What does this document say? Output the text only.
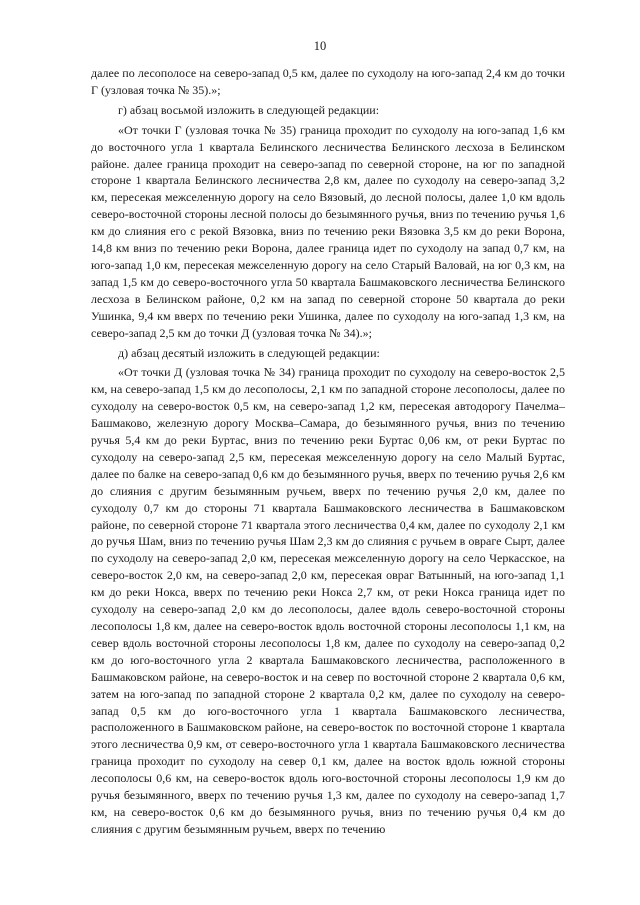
10

далее по лесополосе на северо-запад 0,5 км, далее по суходолу на юго-запад 2,4 км до точки Г (узловая точка № 35).»;

г) абзац восьмой изложить в следующей редакции:

«От точки Г (узловая точка № 35) граница проходит по суходолу на юго-запад 1,6 км до восточного угла 1 квартала Белинского лесничества Белинского лесхоза в Белинском районе. далее граница проходит на северо-запад по северной стороне, на юг по западной стороне 1 квартала Белинского лесничества 2,8 км, далее по суходолу на северо-запад 3,2 км, пересекая межселенную дорогу на село Вязовый, до лесной полосы, далее 1,0 км вдоль северо-восточной стороны лесной полосы до безымянного ручья, вниз по течению ручья 1,6 км до слияния его с рекой Вязовка, вниз по течению реки Вязовка 3,5 км до реки Ворона, 14,8 км вниз по течению реки Ворона, далее граница идет по суходолу на запад 0,7 км, на юго-запад 1,0 км, пересекая межселенную дорогу на село Старый Валовай, на юг 0,3 км, на запад 1,5 км до северо-восточного угла 50 квартала Башмаковского лесничества Белинского лесхоза в Белинском районе, 0,2 км на запад по северной стороне 50 квартала до реки Ушинка, 9,4 км вверх по течению реки Ушинка, далее по суходолу на юго-запад 1,3 км, на северо-запад 2,5 км до точки Д (узловая точка № 34).»;

д) абзац десятый изложить в следующей редакции:

«От точки Д (узловая точка № 34) граница проходит по суходолу на северо-восток 2,5 км, на северо-запад 1,5 км до лесополосы, 2,1 км по западной стороне лесополосы, далее по суходолу на северо-восток 0,5 км, на северо-запад 1,2 км, пересекая автодорогу Пачелма–Башмаково, железную дорогу Москва–Самара, до безымянного ручья, вниз по течению ручья 5,4 км до реки Буртас, вниз по течению реки Буртас 0,06 км, от реки Буртас по суходолу на северо-запад 2,5 км, пересекая межселенную дорогу на село Малый Буртас, далее по балке на северо-запад 0,6 км до безымянного ручья, вверх по течению ручья 2,6 км до слияния с другим безымянным ручьем, вверх по течению ручья 2,0 км, далее по суходолу 0,7 км до стороны 71 квартала Башмаковского лесничества в Башмаковском районе, по северной стороне 71 квартала этого лесничества 0,4 км, далее по суходолу 2,1 км до ручья Шам, вниз по течению ручья Шам 2,3 км до слияния с ручьем в овраге Сырт, далее по суходолу на северо-запад 2,0 км, пересекая межселенную дорогу на село Черкасское, на северо-восток 2,0 км, на северо-запад 2,0 км, пересекая овраг Ватынный, на юго-запад 1,1 км до реки Нокса, вверх по течению реки Нокса 2,7 км, от реки Нокса граница идет по суходолу на северо-запад 2,0 км до лесополосы, далее вдоль северо-восточной стороны лесополосы 1,8 км, далее на северо-восток вдоль восточной стороны лесополосы 1,1 км, на север вдоль восточной стороны лесополосы 1,8 км, далее по суходолу на северо-запад 0,2 км до юго-восточного угла 2 квартала Башмаковского лесничества, расположенного в Башмаковском районе, на северо-восток и на север по восточной стороне 2 квартала 0,6 км, затем на юго-запад по западной стороне 2 квартала 0,2 км, далее по суходолу на северо-запад 0,5 км до юго-восточного угла 1 квартала Башмаковского лесничества, расположенного в Башмаковском районе, на северо-восток по восточной стороне 1 квартала этого лесничества 0,9 км, от северо-восточного угла 1 квартала Башмаковского лесничества граница проходит по суходолу на север 0,1 км, далее на восток вдоль южной стороны лесополосы 0,6 км, на северо-восток вдоль юго-восточной стороны лесополосы 1,9 км до ручья безымянного, вверх по течению ручья 1,3 км, далее по суходолу на северо-запад 1,7 км, на северо-восток 0,6 км до безымянного ручья, вниз по течению ручья 0,4 км до слияния с другим безымянным ручьем, вверх по течению
